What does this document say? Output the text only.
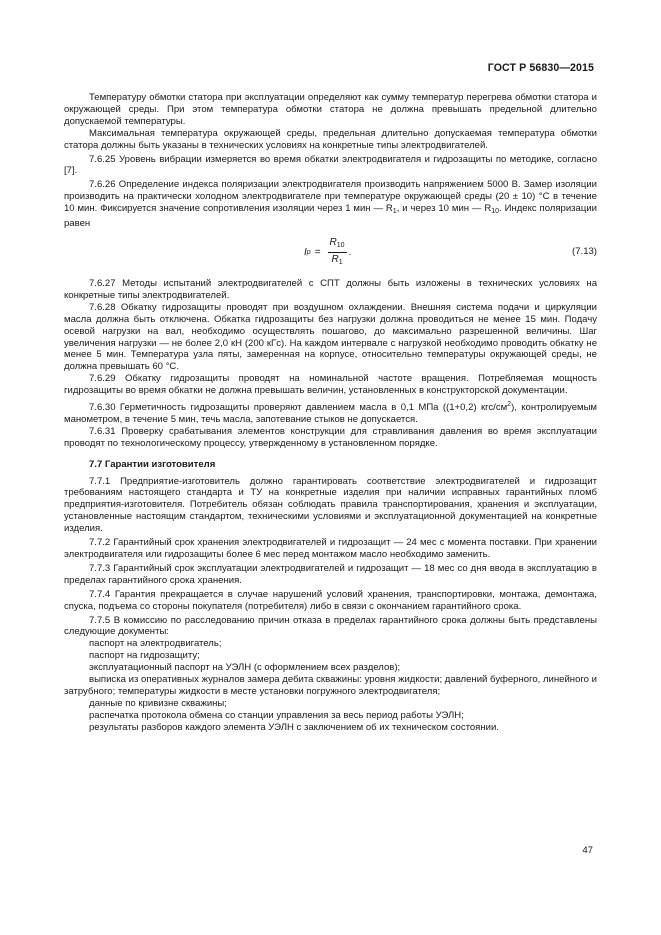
ГОСТ Р 56830—2015

Температуру обмотки статора при эксплуатации определяют как сумму температур перегрева обмотки статора и окружающей среды. При этом температура обмотки статора не должна превышать предельной длительно допускаемой температуры.

Максимальная температура окружающей среды, предельная длительно допускаемая температура обмотки статора должны быть указаны в технических условиях на конкретные типы электродвигателей.

7.6.25 Уровень вибрации измеряется во время обкатки электродвигателя и гидрозащиты по методике, согласно [7].

7.6.26 Определение индекса поляризации электродвигателя производить напряжением 5000 В. Замер изоляции производить на практически холодном электродвигателе при температуре окружающей среды (20 ± 10) °С в течение 10 мин. Фиксируется значение сопротивления изоляции через 1 мин — $R_1$, и через 10 мин — $R_{10}$. Индекс поляризации равен

I $p = \frac{R_{10}}{R_1}$ .	(7.13)

7.6.27 Методы испытаний электродвигателей с СПТ должны быть изложены в технических условиях на конкретные типы электродвигателей.

7.6.28 Обкатку гидрозащиты проводят при воздушном охлаждении. Внешняя система подачи и циркуляции масла должна быть отключена. Обкатка гидрозащиты без нагрузки должна проводиться не менее 15 мин. Подачу осевой нагрузки на вал, необходимо осуществлять пошагово, до максимально разрешенной величины. Шаг увеличения нагрузки — не более 2,0 кН (200 кГс). На каждом интервале с нагрузкой необходимо проводить обкатку не менее 5 мин. Температура узла пяты, замеренная на корпусе, относительно температуры окружающей среды, не должна превышать 60 °С.

7.6.29 Обкатку гидрозащиты проводят на номинальной частоте вращения. Потребляемая мощность гидрозащиты во время обкатки не должна превышать величин, установленных в конструкторской документации.

7.6.30 Герметичность гидрозащиты проверяют давлением масла в 0,1 МПа ((1+0,2) кгс/$см^2$), контролируемым манометром, в течение 5 мин, течь масла, запотевание стыков не допускается.

7.6.31 Проверку срабатывания элементов конструкции для стравливания давления во время эксплуатации проводят по технологическому процессу, утвержденному в установленном порядке.

7.7 Гарантии изготовителя

7.7.1 Предприятие-изготовитель должно гарантировать соответствие электродвигателей и гидрозащит требованиям настоящего стандарта и ТУ на конкретные изделия при наличии исправных гарантийных пломб предприятия-изготовителя. Потребитель обязан соблюдать правила транспортирования, хранения и эксплуатации, установленные настоящим стандартом, техническими условиями и эксплуатационной документацией на конкретные изделия.

7.7.2 Гарантийный срок хранения электродвигателей и гидрозащит — 24 мес с момента поставки. При хранении электродвигателя или гидрозащиты более 6 мес перед монтажом масло необходимо заменить.

7.7.3 Гарантийный срок эксплуатации электродвигателей и гидрозащит — 18 мес со дня ввода в эксплуатацию в пределах гарантийного срока хранения.

7.7.4 Гарантия прекращается в случае нарушений условий хранения, транспортировки, монтажа, демонтажа, спуска, подъема со стороны покупателя (потребителя) либо в связи с окончанием гарантийного срока.

7.7.5 В комиссию по расследованию причин отказа в пределах гарантийного срока должны быть представлены следующие документы:

паспорт на электродвигатель;

паспорт на гидрозащиту;

эксплуатационный паспорт на УЭЛН (с оформлением всех разделов);

выписка из оперативных журналов замера дебита скважины: уровня жидкости; давлений буферного, линейного и затрубного; температуры жидкости в месте установки погружного электродвигателя;

данные по кривизне скважины;

распечатка протокола обмена со станции управления за весь период работы УЭЛН;

результаты разборов каждого элемента УЭЛН с заключением об их техническом состоянии.

47
